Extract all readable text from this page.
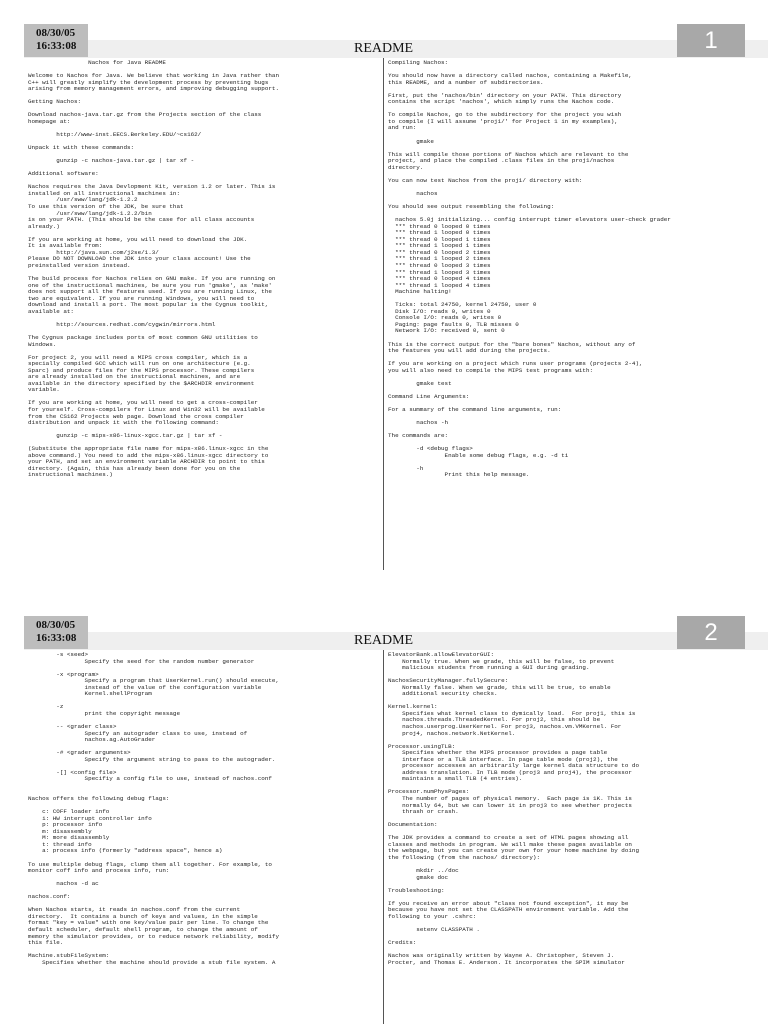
08/30/05
16:33:08	README	1
Nachos for Java README

Welcome to Nachos for Java. We believe that working in Java rather than
C++ will greatly simplify the development process by preventing bugs
arising from memory management errors, and improving debugging support.

Getting Nachos:

Download nachos-java.tar.gz from the Projects section of the class
homepage at:

http://www-inst.EECS.Berkeley.EDU/~cs162/

Unpack it with these commands:

gunzip -c nachos-java.tar.gz | tar xf -

Additional software:

Nachos requires the Java Devlopment Kit, version 1.2 or later. This is
installed on all instructional machines in:
/usr/sww/lang/jdk-1.2.2
To use this version of the JDK, be sure that
/usr/sww/lang/jdk-1.2.2/bin
is on your PATH. (This should be the case for all class accounts
already.)

If you are working at home, you will need to download the JDK.
It is available from:
http://java.sun.com/j2se/1.3/
Please DO NOT DOWNLOAD the JDK into your class account! Use the
preinstalled version instead.

The build process for Nachos relies on GNU make. If you are running on
one of the instructional machines, be sure you run 'gmake', as 'make'
does not support all the features used. If you are running Linux, the
two are equivalent. If you are running Windows, you will need to
download and install a port. The most popular is the Cygnus toolkit,
available at:

http://sources.redhat.com/cygwin/mirrors.html

The Cygnus package includes ports of most common GNU utilities to
Windows.

For project 2, you will need a MIPS cross compiler, which is a
specially compiled GCC which will run on one architecture (e.g.
Sparc) and produce files for the MIPS processor. These compilers
are already installed on the instructional machines, and are
available in the directory specified by the $ARCHDIR environment
variable.

If you are working at home, you will need to get a cross-compiler
for yourself. Cross-compilers for Linux and Win32 will be available
from the CS162 Projects web page. Download the cross compiler
distribution and unpack it with the following command:

gunzip -c mips-x86-linux-xgcc.tar.gz | tar xf -

(Substitute the appropriate file name for mips-x86.linux-xgcc in the
above command.) You need to add the mips-x86.linux-xgcc directory to
your PATH, and set an environment variable ARCHDIR to point to this
directory. (Again, this has already been done for you on the
instructional machines.)
Compiling Nachos:

You should now have a directory called nachos, containing a Makefile,
this README, and a number of subdirectories.

First, put the 'nachos/bin' directory on your PATH. This directory
contains the script 'nachos', which simply runs the Nachos code.

To compile Nachos, go to the subdirectory for the project you wish
to compile (I will assume 'proj1/' for Project 1 in my examples),
and run:

gmake

This will compile those portions of Nachos which are relevant to the
project, and place the compiled .class files in the proj1/nachos
directory.

You can now test Nachos from the proj1/ directory with:

nachos

You should see output resembling the following:

nachos 5.0j initializing... config interrupt timer elevators user-check grader
*** thread 0 looped 0 times
*** thread 1 looped 0 times
*** thread 0 looped 1 times
*** thread 1 looped 1 times
*** thread 0 looped 2 times
*** thread 1 looped 2 times
*** thread 0 looped 3 times
*** thread 1 looped 3 times
*** thread 0 looped 4 times
*** thread 1 looped 4 times
Machine halting!

Ticks: total 24750, kernel 24750, user 0
Disk I/O: reads 0, writes 0
Console I/O: reads 0, writes 0
Paging: page faults 0, TLB misses 0
Network I/O: received 0, sent 0

This is the correct output for the "bare bones" Nachos, without any of
the features you will add during the projects.

If you are working on a project which runs user programs (projects 2-4),
you will also need to compile the MIPS test programs with:

gmake test

Command Line Arguments:

For a summary of the command line arguments, run:

nachos -h

The commands are:

-d <debug flags>
Enable some debug flags, e.g. -d ti

-h
Print this help message.
08/30/05
16:33:08	README	2
-s <seed>
Specify the seed for the random number generator

-x <program>
Specify a program that UserKernel.run() should execute,
instead of the value of the configuration variable
Kernel.shellProgram

-z
print the copyright message

-- <grader class>
Specify an autograder class to use, instead of
nachos.ag.AutoGrader

-# <grader arguments>
Specify the argument string to pass to the autograder.

-[] <config file>
Specifiy a config file to use, instead of nachos.conf

Nachos offers the following debug flags:

c: COFF loader info
i: HW interrupt controller info
p: processor info
m: disassembly
M: more disassembly
t: thread info
a: process info (formerly "address space", hence a)

To use multiple debug flags, clump them all together. For example, to
monitor coff info and process info, run:

nachos -d ac

nachos.conf:

When Nachos starts, it reads in nachos.conf from the current
directory.  It contains a bunch of keys and values, in the simple
format "key = value" with one key/value pair per line. To change the
default scheduler, default shell program, to change the amount of
memory the simulator provides, or to reduce network reliability, modify
this file.

Machine.stubFileSystem:
Specifies whether the machine should provide a stub file system. A
ElevatorBank.allowElevatorGUI:
Normally true. When we grade, this will be false, to prevent
malicious students from running a GUI during grading.

NachosSecurityManager.fullySecure:
Normally false. When we grade, this will be true, to enable
additional security checks.

Kernel.kernel:
Specifies what kernel class to dymically load.  For proj1, this is
nachos.threads.ThreadedKernel. For proj2, this should be
nachos.userprog.UserKernel. For proj3, nachos.vm.VMKernel. For
proj4, nachos.network.NetKernel.

Processor.usingTLB:
Specifies whether the MIPS processor provides a page table
interface or a TLB interface. In page table mode (proj2), the
processor accesses an arbitrarily large kernel data structure to do
address translation. In TLB mode (proj3 and proj4), the processor
maintains a small TLB (4 entries).

Processor.numPhysPages:
The number of pages of physical memory.  Each page is 1K. This is
normally 64, but we can lower it in proj3 to see whether projects
thrash or crash.

Documentation:

The JDK provides a command to create a set of HTML pages showing all
classes and methods in program. We will make these pages available on
the webpage, but you can create your own for your home machine by doing
the following (from the nachos/ directory):

mkdir ../doc
gmake doc

Troubleshooting:

If you receive an error about "class not found exception", it may be
because you have not set the CLASSPATH environment variable. Add the
following to your .cshrc:

setenv CLASSPATH .

Credits:

Nachos was originally written by Wayne A. Christopher, Steven J.
Procter, and Thomas E. Anderson. It incorporates the SPIM simulator
